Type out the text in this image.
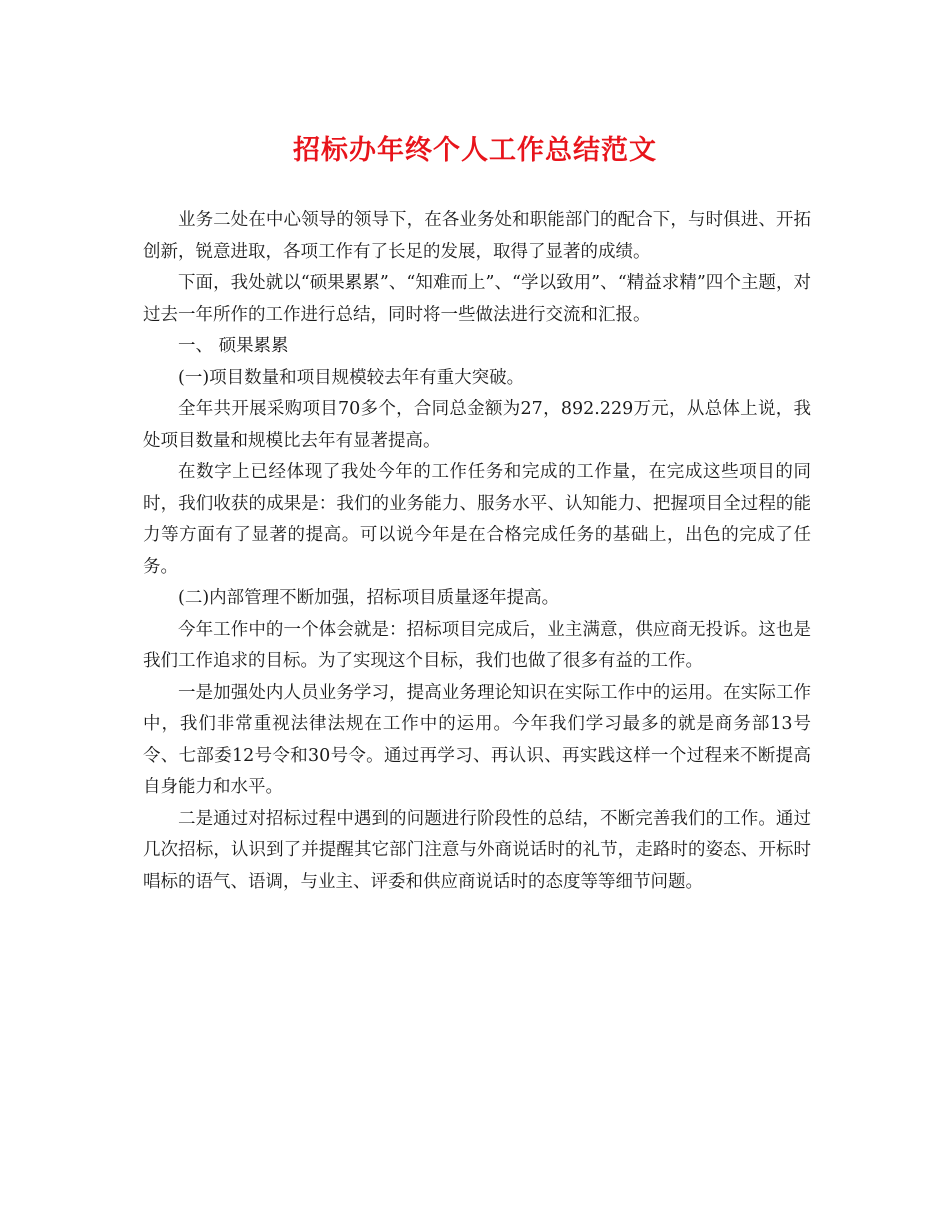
招标办年终个人工作总结范文

业务二处在中心领导的领导下，在各业务处和职能部门的配合下，与时俱进、开拓创新，锐意进取，各项工作有了长足的发展，取得了显著的成绩。

下面，我处就以“硕果累累”、“知难而上”、“学以致用”、“精益求精”四个主题，对过去一年所作的工作进行总结，同时将一些做法进行交流和汇报。

一、 硕果累累

(一)项目数量和项目规模较去年有重大突破。

全年共开展采购项目70多个，合同总金额为27，892.229万元，从总体上说，我处项目数量和规模比去年有显著提高。

在数字上已经体现了我处今年的工作任务和完成的工作量，在完成这些项目的同时，我们收获的成果是：我们的业务能力、服务水平、认知能力、把握项目全过程的能力等方面有了显著的提高。可以说今年是在合格完成任务的基础上，出色的完成了任务。

(二)内部管理不断加强，招标项目质量逐年提高。

今年工作中的一个体会就是：招标项目完成后，业主满意，供应商无投诉。这也是我们工作追求的目标。为了实现这个目标，我们也做了很多有益的工作。

一是加强处内人员业务学习，提高业务理论知识在实际工作中的运用。在实际工作中，我们非常重视法律法规在工作中的运用。今年我们学习最多的就是商务部13号令、七部委12号令和30号令。通过再学习、再认识、再实践这样一个过程来不断提高自身能力和水平。

二是通过对招标过程中遇到的问题进行阶段性的总结，不断完善我们的工作。通过几次招标，认识到了并提醒其它部门注意与外商说话时的礼节，走路时的姿态、开标时唱标的语气、语调，与业主、评委和供应商说话时的态度等等细节问题。
